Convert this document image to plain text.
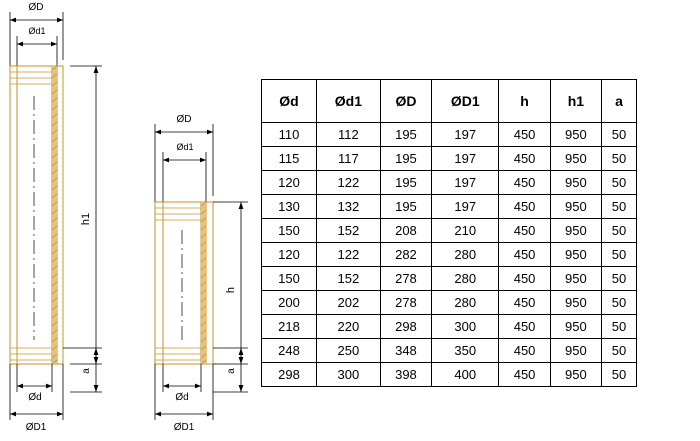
ØD
Ød1
h1
a
Ød
ØD1
ØD
Ød1
h
a
Ød
ØD1
Ød	Ød1	ØD	ØD1	h	h1	a
110	112	195	197	450	950	50
115	117	195	197	450	950	50
120	122	195	197	450	950	50
130	132	195	197	450	950	50
150	152	208	210	450	950	50
120	122	282	280	450	950	50
150	152	278	280	450	950	50
200	202	278	280	450	950	50
218	220	298	300	450	950	50
248	250	348	350	450	950	50
298	300	398	400	450	950	50
